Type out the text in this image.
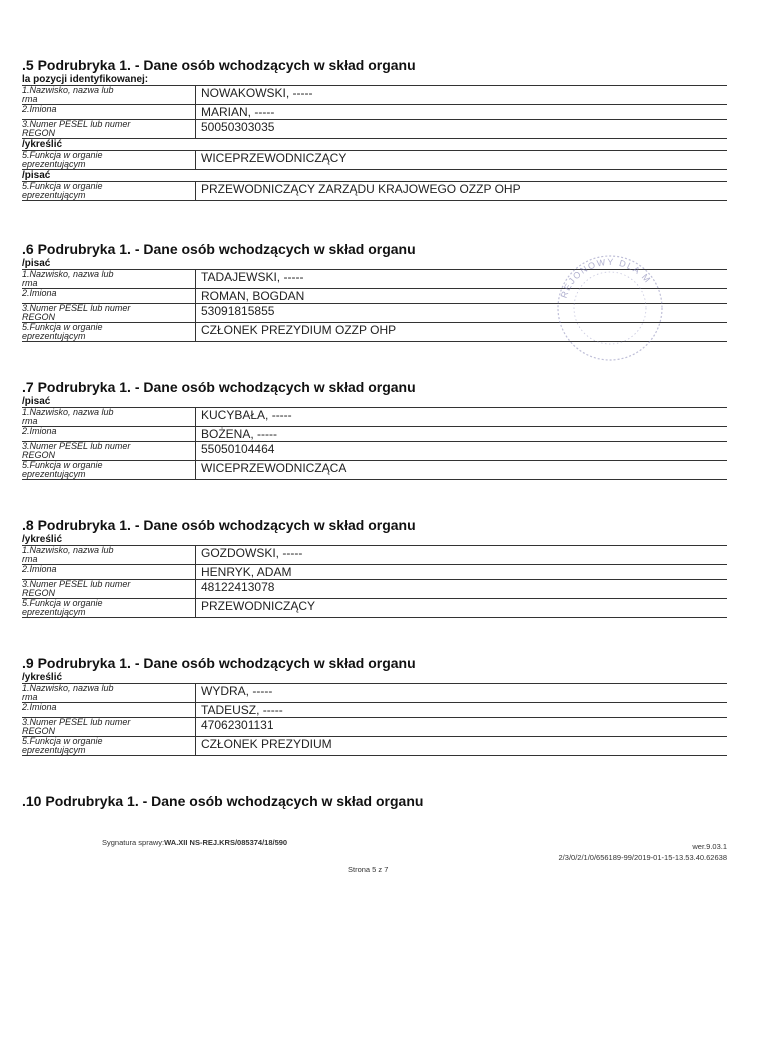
.5 Podrubryka 1. - Dane osób wchodzących w skład organu
la pozycji identyfikowanej:
1.Nazwisko, nazwa lub
rma	NOWAKOWSKI, -----
2.Imiona	MARIAN, -----
3.Numer PESEL lub numer
REGON	50050303035
/ykreślić
5.Funkcja w organie
eprezentującym	WICEPRZEWODNICZĄCY
/pisać
5.Funkcja w organie
eprezentującym	PRZEWODNICZĄCY ZARZĄDU KRAJOWEGO OZZP OHP
.6 Podrubryka 1. - Dane osób wchodzących w skład organu
/pisać
1.Nazwisko, nazwa lub
rma	TADAJEWSKI, -----
2.Imiona	ROMAN, BOGDAN
3.Numer PESEL lub numer
REGON	53091815855
5.Funkcja w organie
eprezentującym	CZŁONEK PREZYDIUM OZZP OHP
.7 Podrubryka 1. - Dane osób wchodzących w skład organu
/pisać
1.Nazwisko, nazwa lub
rma	KUCYBAŁA, -----
2.Imiona	BOŻENA, -----
3.Numer PESEL lub numer
REGON	55050104464
5.Funkcja w organie
eprezentującym	WICEPRZEWODNICZĄCA
.8 Podrubryka 1. - Dane osób wchodzących w skład organu
/ykreślić
1.Nazwisko, nazwa lub
rma	GOZDOWSKI, -----
2.Imiona	HENRYK, ADAM
3.Numer PESEL lub numer
REGON	48122413078
5.Funkcja w organie
eprezentującym	PRZEWODNICZĄCY
.9 Podrubryka 1. - Dane osób wchodzących w skład organu
/ykreślić
1.Nazwisko, nazwa lub
rma	WYDRA, -----
2.Imiona	TADEUSZ, -----
3.Numer PESEL lub numer
REGON	47062301131
5.Funkcja w organie
eprezentującym	CZŁONEK PREZYDIUM
.10 Podrubryka 1. - Dane osób wchodzących w skład organu
REJONOWY DLA M
Sygnatura sprawy:WA.XII NS-REJ.KRS/085374/18/590	wer.9.03.1
2/3/0/2/1/0/656189-99/2019-01-15-13.53.40.62638
Strona 5 z 7
